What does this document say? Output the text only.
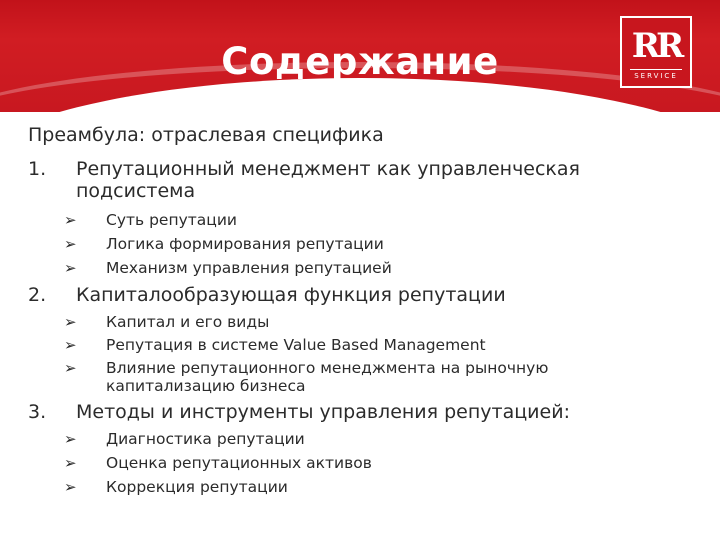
Содержание	RR
SERVICE
Преамбула: отраслевая специфика
1. Репутационный менеджмент как управленческая
подсистема
➢ Суть репутации
➢ Логика формирования репутации
➢ Механизм управления репутацией
2. Капиталообразующая функция репутации
➢ Капитал и его виды
➢ Репутация в системе Value Based Management
➢ Влияние репутационного менеджмента на рыночную
капитализацию бизнеса
3. Методы и инструменты управления репутацией:
➢ Диагностика репутации
➢ Оценка репутационных активов
➢ Коррекция репутации
